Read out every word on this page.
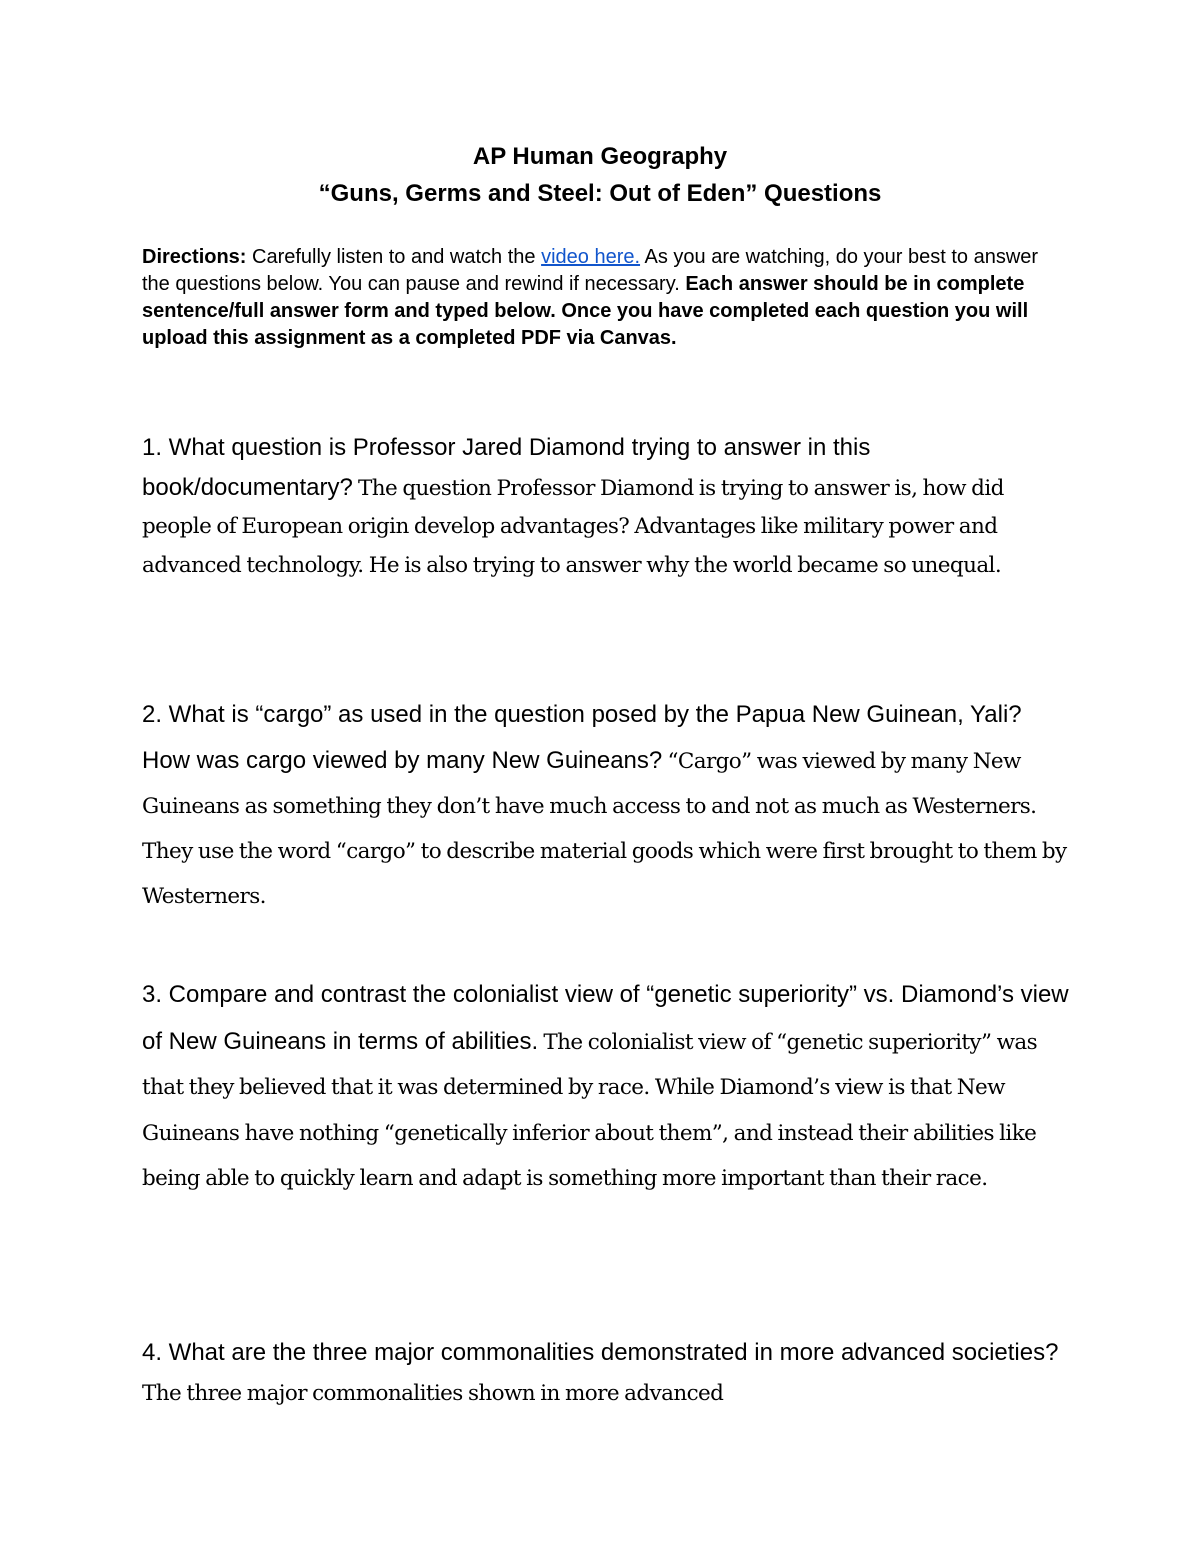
AP Human Geography
“Guns, Germs and Steel: Out of Eden” Questions

Directions: Carefully listen to and watch the video here. As you are watching, do your best to answer the questions below. You can pause and rewind if necessary. Each answer should be in complete sentence/full answer form and typed below. Once you have completed each question you will upload this assignment as a completed PDF via Canvas.

1. What question is Professor Jared Diamond trying to answer in this book/documentary? The question Professor Diamond is trying to answer is, how did people of European origin develop advantages? Advantages like military power and advanced technology. He is also trying to answer why the world became so unequal.

2. What is “cargo” as used in the question posed by the Papua New Guinean, Yali? How was cargo viewed by many New Guineans? “Cargo” was viewed by many New Guineans as something they don’t have much access to and not as much as Westerners. They use the word “cargo” to describe material goods which were first brought to them by Westerners.

3. Compare and contrast the colonialist view of “genetic superiority” vs. Diamond’s view of New Guineans in terms of abilities. The colonialist view of “genetic superiority” was that they believed that it was determined by race. While Diamond’s view is that New Guineans have nothing “genetically inferior about them”, and instead their abilities like being able to quickly learn and adapt is something more important than their race.

4. What are the three major commonalities demonstrated in more advanced societies? The three major commonalities shown in more advanced
